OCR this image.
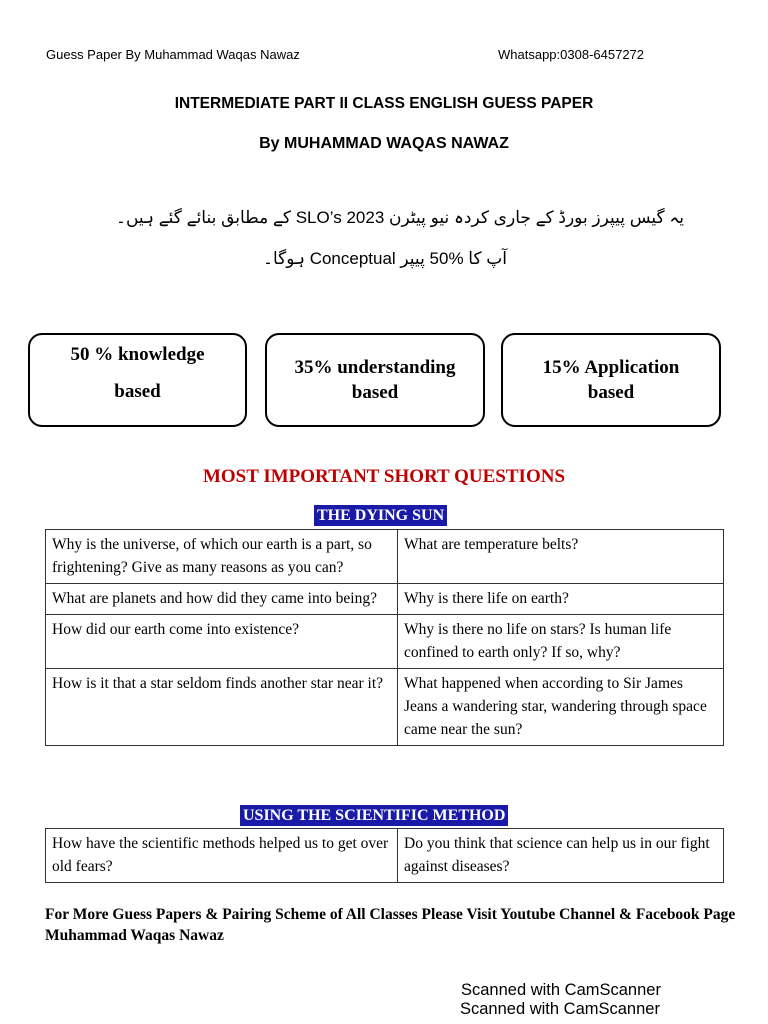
Guess Paper By Muhammad Waqas Nawaz	Whatsapp:0308-6457272
INTERMEDIATE PART II CLASS ENGLISH GUESS PAPER
By MUHAMMAD WAQAS NAWAZ
یہ گیس پیپرز بورڈ کے جاری کردہ نیو پیٹرن 2023 SLO’s کے مطابق بنائے گئے ہیں۔
آپ کا %50 پیپر Conceptual ہوگا۔
50 % knowledge
based
35% understanding
based
15% Application
based
MOST IMPORTANT SHORT QUESTIONS
THE DYING SUN
Why is the universe, of which our earth is a part, so frightening? Give as many reasons as you can?	What are temperature belts?
What are planets and how did they came into being?	Why is there life on earth?
How did our earth come into existence?	Why is there no life on stars? Is human life confined to earth only? If so, why?
How is it that a star seldom finds another star near it?	What happened when according to Sir James Jeans a wandering star, wandering through space came near the sun?
USING THE SCIENTIFIC METHOD
How have the scientific methods helped us to get over old fears?	Do you think that science can help us in our fight against diseases?
For More Guess Papers & Pairing Scheme of All Classes Please Visit Youtube Channel & Facebook Page Muhammad Waqas Nawaz
Scanned with CamScanner
Scanned with CamScanner
